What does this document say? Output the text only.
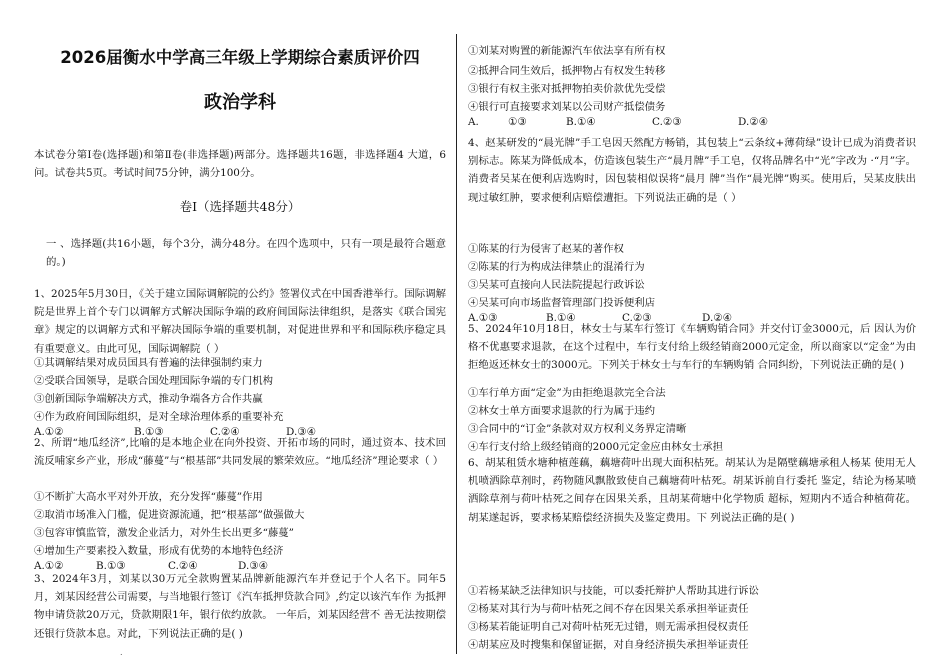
2026届衡水中学高三年级上学期综合素质评价四
政治学科

本试卷分第Ⅰ卷(选择题)和第Ⅱ卷(非选择题)两部分。选择题共16题，非选择题4 大道，6问。试卷共5页。考试时间75分钟，满分100分。

卷Ⅰ（选择题共48分）

一 、选择题(共16小题，每个3分，满分48分。在四个选项中，只有一项是最符合题意的。)

1、2025年5月30日，《关于建立国际调解院的公约》签署仪式在中国香港举行。国际调解院是世界上首个专门以调解方式解决国际争端的政府间国际法律组织，是落实《联合国宪章》规定的以调解方式和平解决国际争端的重要机制，对促进世界和平和国际秩序稳定具有重要意义。由此可见，国际调解院（ ）

①其调解结果对成员国具有普遍的法律强制约束力
②受联合国领导，是联合国处理国际争端的专门机构
③创新国际争端解决方式，推动争端各方合作共赢
④作为政府间国际组织，是对全球治理体系的重要补充
A.①②	B.①③	C.②④	D.③④

2、所谓“地瓜经济”,比喻的是本地企业在向外投资、开拓市场的同时，通过资本、技术回流反哺家乡产业，形成“藤蔓”与“根基部”共同发展的繁荣效应。“地瓜经济”理论要求（ ）

①不断扩大高水平对外开放，充分发挥“藤蔓”作用
②取消市场准入门槛，促进资源流通，把“根基部”做强做大
③包容审慎监管，激发企业活力，对外生长出更多“藤蔓”
④增加生产要素投入数量，形成有优势的本地特色经济
A.①②	B.①③	C.②④	D.③④

3、2024年3月，刘某以30万元全款购置某品牌新能源汽车并登记于个人名下。同年5月，刘某因经营公司需要，与当地银行签订《汽车抵押贷款合同》,约定以该汽车作 为抵押物申请贷款20万元，贷款期限1年，银行依约放款。 一年后，刘某因经营不 善无法按期偿还银行贷款本息。对此，下列说法正确的是( )

.
①刘某对购置的新能源汽车依法享有所有权
②抵押合同生效后，抵押物占有权发生转移
③银行有权主张对抵押物拍卖价款优先受偿
④银行可直接要求刘某以公司财产抵偿债务
A.	①③	B.①④	C.②③	D.②④

4、赵某研发的“晨光牌”手工皂因天然配方畅销，其包装上“云条纹+薄荷绿”设计已成为消费者识别标志。陈某为降低成本，仿造该包装生产“晨月牌”手工皂，仅将品牌名中“光”字改为 ·“月”字。消费者吴某在便利店选购时，因包装相似误将“晨月 牌”当作“晨光牌”购买。使用后，吴某皮肤出现过敏红肿，要求便利店赔偿遭拒。下列说法正确的是（ ）

①陈某的行为侵害了赵某的著作权
②陈某的行为构成法律禁止的混淆行为
③吴某可直接向人民法院提起行政诉讼
④吴某可向市场监督管理部门投诉便利店
A.①③	B.①④	C.②③	D.②④

5、2024年10月18日，林女士与某车行签订《车辆购销合同》并交付订金3000元，后 因认为价格不优惠要求退款，在这个过程中，车行支付给上级经销商2000元定金，所以商家以“定金”为由拒绝返还林女士的3000元。下列关于林女士与车行的车辆购销 合同纠纷，下列说法正确的是( )

①车行单方面“定金”为由拒绝退款完全合法
②林女士单方面要求退款的行为属于违约
③合同中的“订金”条款对双方权利义务界定清晰
④车行支付给上级经销商的2000元定金应由林女士承担

6、胡某租赁水塘种植莲藕，藕塘荷叶出现大面积枯死。胡某认为是隔壁藕塘承租人杨某 使用无人机喷洒除草剂时，药物随风飘散致使自己藕塘荷叶枯死。胡某诉前自行委托 鉴定，结论为杨某喷洒除草剂与荷叶枯死之间存在因果关系，且胡某荷塘中化学物质 超标，短期内不适合种植荷花。胡某遂起诉，要求杨某赔偿经济损失及鉴定费用。下 列说法正确的是( )

①若杨某缺乏法律知识与技能，可以委托辩护人帮助其进行诉讼
②杨某对其行为与荷叶枯死之间不存在因果关系承担举证责任
③杨某若能证明自己对荷叶枯死无过错，则无需承担侵权责任
④胡某应及时搜集和保留证据，对自身经济损失承担举证责任
